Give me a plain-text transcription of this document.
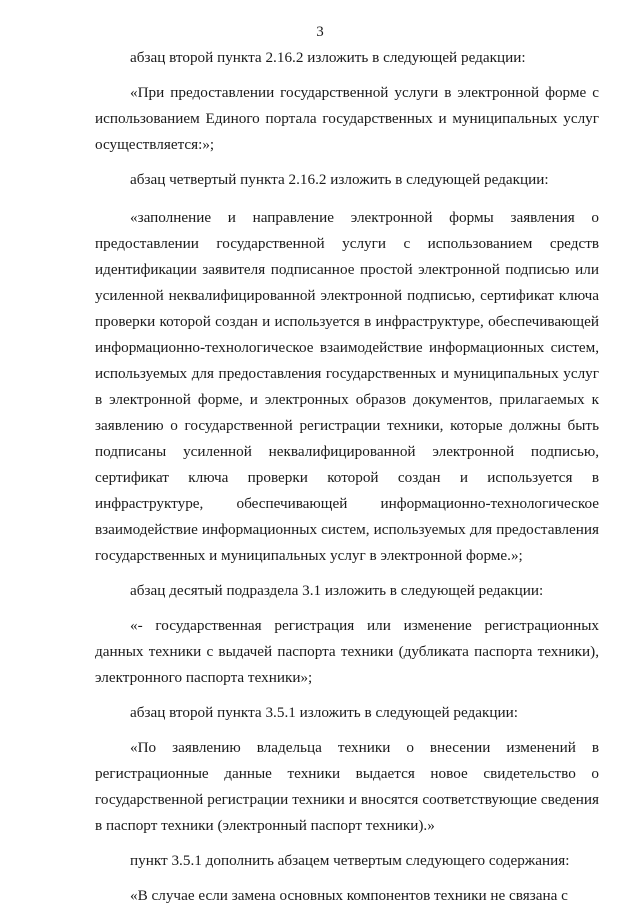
3

абзац второй пункта 2.16.2 изложить в следующей редакции:

«При предоставлении государственной услуги в электронной форме с использованием Единого портала государственных и муниципальных услуг осуществляется:»;

абзац четвертый пункта 2.16.2 изложить в следующей редакции:

«заполнение и направление электронной формы заявления о предоставлении государственной услуги с использованием средств идентификации заявителя подписанное простой электронной подписью или усиленной неквалифицированной электронной подписью, сертификат ключа проверки которой создан и используется в инфраструктуре, обеспечивающей информационно-технологическое взаимодействие информационных систем, используемых для предоставления государственных и муниципальных услуг в электронной форме, и электронных образов документов, прилагаемых к заявлению о государственной регистрации техники, которые должны быть подписаны усиленной неквалифицированной электронной подписью, сертификат ключа проверки которой создан и используется в инфраструктуре, обеспечивающей информационно-технологическое взаимодействие информационных систем, используемых для предоставления государственных и муниципальных услуг в электронной форме.»;

абзац десятый подраздела 3.1 изложить в следующей редакции:

«- государственная регистрация или изменение регистрационных данных техники с выдачей паспорта техники (дубликата паспорта техники), электронного паспорта техники»;

абзац второй пункта 3.5.1 изложить в следующей редакции:

«По заявлению владельца техники о внесении изменений в регистрационные данные техники выдается новое свидетельство о государственной регистрации техники и вносятся соответствующие сведения в паспорт техники (электронный паспорт техники).»

пункт 3.5.1 дополнить абзацем четвертым следующего содержания:

«В случае если замена основных компонентов техники не связана с
